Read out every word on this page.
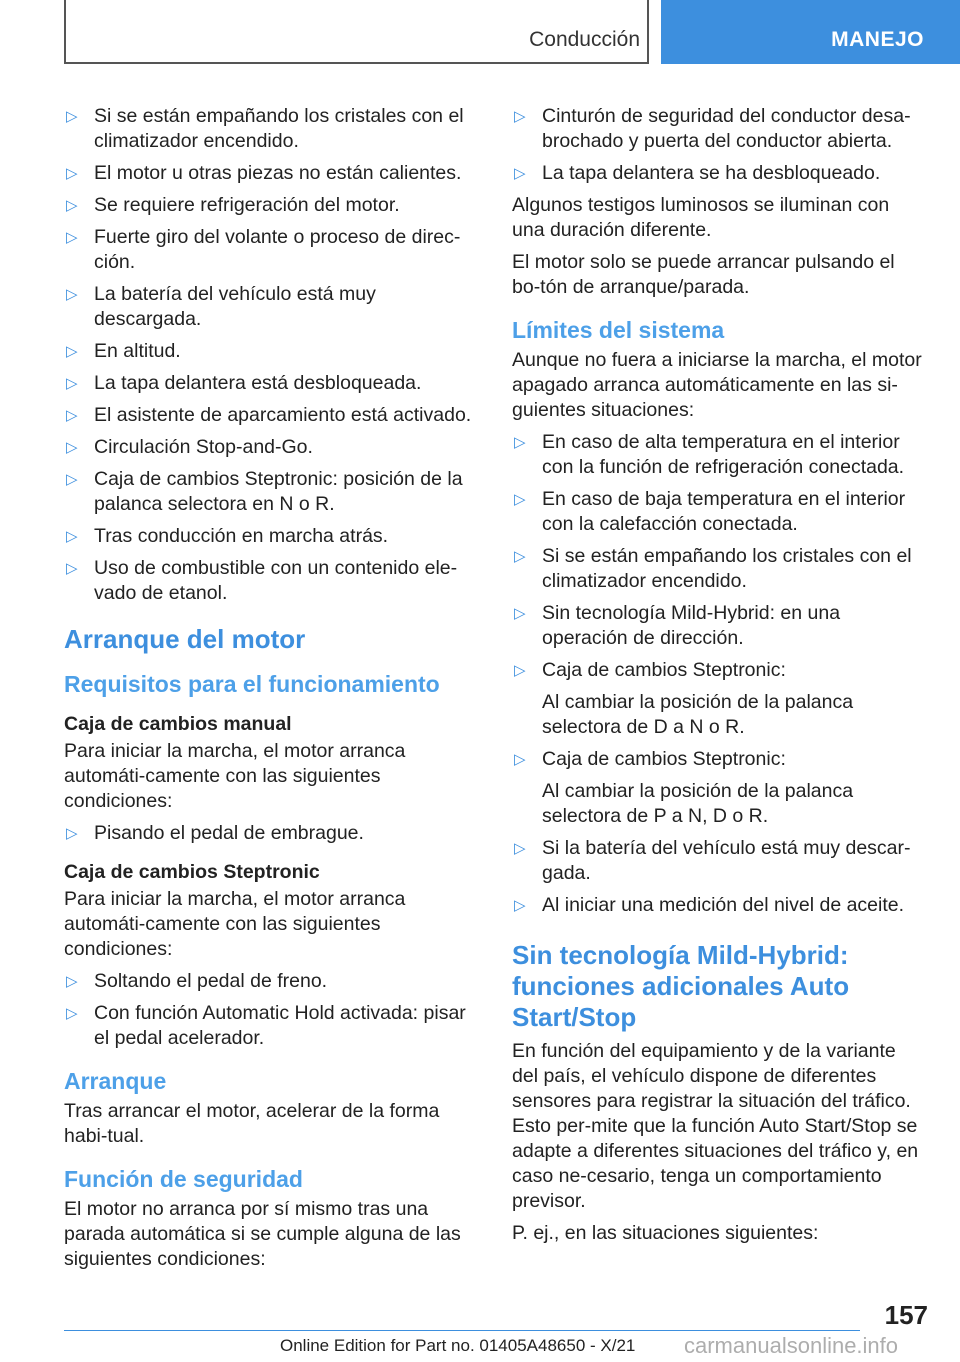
Conducción	MANEJO
▷ Si se están empañando los cristales con el climatizador encendido.
▷ El motor u otras piezas no están calientes.
▷ Se requiere refrigeración del motor.
▷ Fuerte giro del volante o proceso de direc‐ción.
▷ La batería del vehículo está muy descargada.
▷ En altitud.
▷ La tapa delantera está desbloqueada.
▷ El asistente de aparcamiento está activado.
▷ Circulación Stop-and-Go.
▷ Caja de cambios Steptronic: posición de la palanca selectora en N o R.
▷ Tras conducción en marcha atrás.
▷ Uso de combustible con un contenido ele‐vado de etanol.
Arranque del motor
Requisitos para el funcionamiento
Caja de cambios manual

Para iniciar la marcha, el motor arranca automáti‐camente con las siguientes condiciones:

▷ Pisando el pedal de embrague.
Caja de cambios Steptronic

Para iniciar la marcha, el motor arranca automáti‐camente con las siguientes condiciones:

▷ Soltando el pedal de freno.
▷ Con función Automatic Hold activada: pisar el pedal acelerador.
Arranque

Tras arrancar el motor, acelerar de la forma habi‐tual.

Función de seguridad

El motor no arranca por sí mismo tras una parada automática si se cumple alguna de las siguientes condiciones:

▷ Cinturón de seguridad del conductor desa‐brochado y puerta del conductor abierta.
▷ La tapa delantera se ha desbloqueado.

Algunos testigos luminosos se iluminan con una duración diferente.

El motor solo se puede arrancar pulsando el bo‐tón de arranque/parada.

Límites del sistema

Aunque no fuera a iniciarse la marcha, el motor apagado arranca automáticamente en las si‐guientes situaciones:

▷ En caso de alta temperatura en el interior con la función de refrigeración conectada.
▷ En caso de baja temperatura en el interior con la calefacción conectada.
▷ Si se están empañando los cristales con el climatizador encendido.
▷ Sin tecnología Mild-Hybrid: en una operación de dirección.
▷ Caja de cambios Steptronic:
Al cambiar la posición de la palanca selectora de D a N o R.
▷ Caja de cambios Steptronic:
Al cambiar la posición de la palanca selectora de P a N, D o R.
▷ Si la batería del vehículo está muy descar‐gada.
▷ Al iniciar una medición del nivel de aceite.
Sin tecnología Mild-Hybrid: funciones adicionales Auto Start/Stop

En función del equipamiento y de la variante del país, el vehículo dispone de diferentes sensores para registrar la situación del tráfico. Esto per‐mite que la función Auto Start/Stop se adapte a diferentes situaciones del tráfico y, en caso ne‐cesario, tenga un comportamiento previsor.

P. ej., en las situaciones siguientes:

157
Online Edition for Part no. 01405A48650 - X/21 carmanualsonline.info
